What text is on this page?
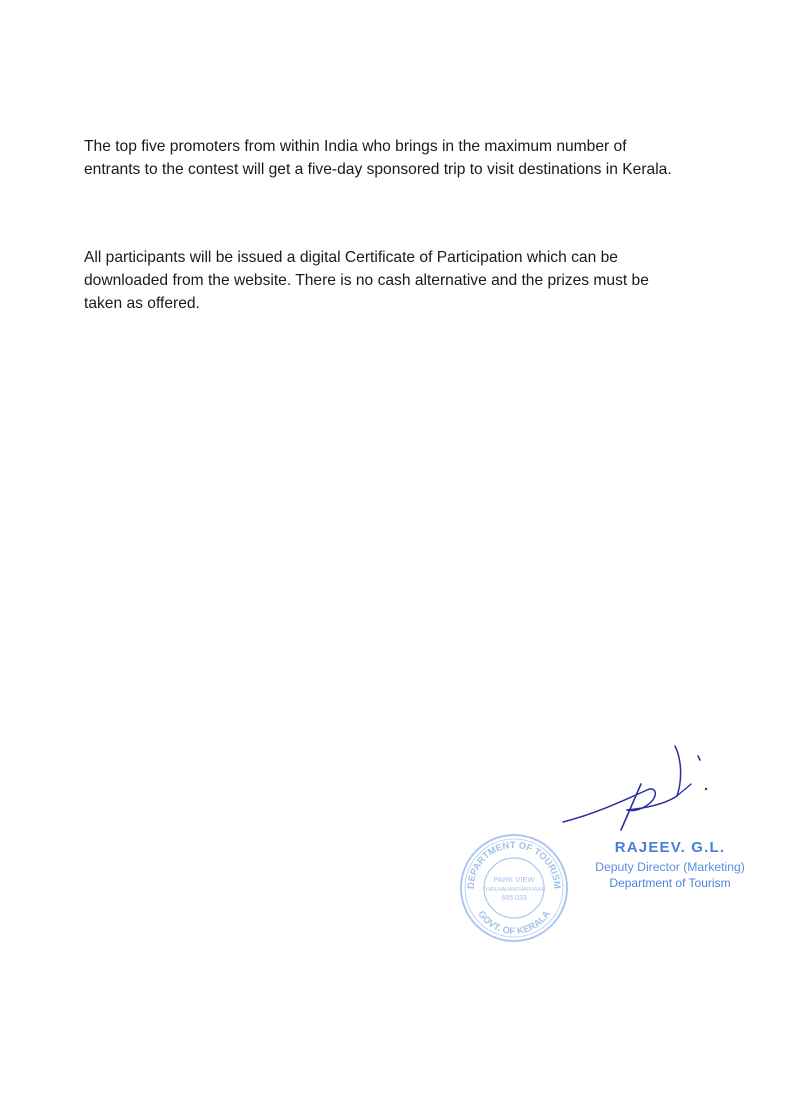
The top five promoters from within India who brings in the maximum number of entrants to the contest will get a five-day sponsored trip to visit destinations in Kerala.

All participants will be issued a digital Certificate of Participation which can be downloaded from the website. There is no cash alternative and the prizes must be taken as offered.

DEPARTMENT OF TOURISM
GOVT. OF KERALA
PARK VIEW
THIRUVANANTHAPURAM
695 033
RAJEEV. G.L.
Deputy Director (Marketing)
Department of Tourism
